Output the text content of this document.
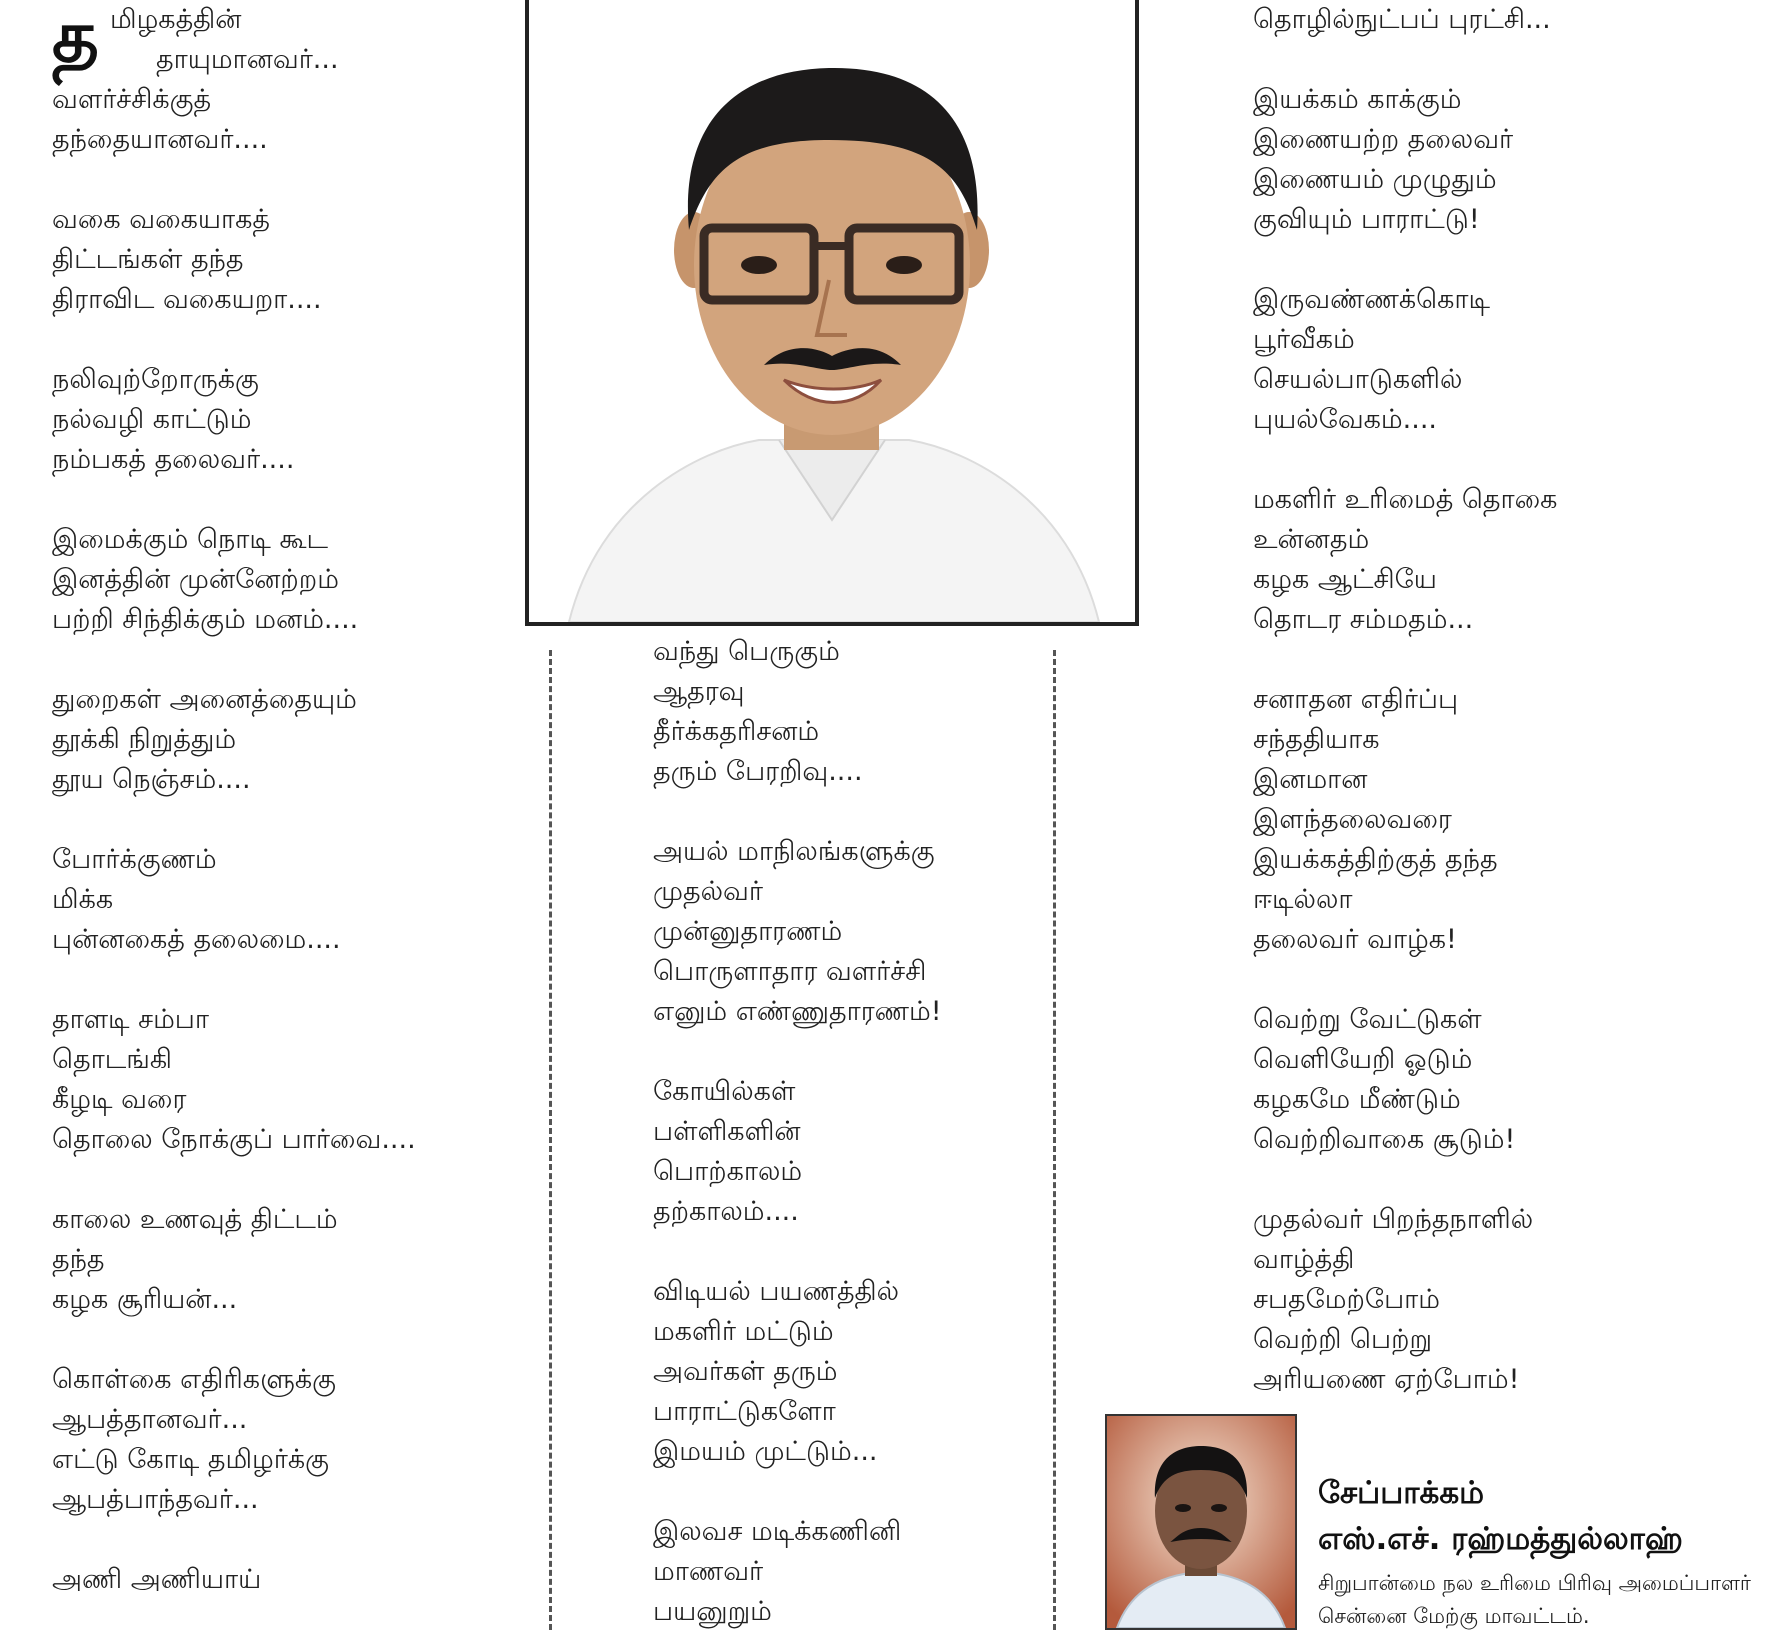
த மிழகத்தின்

தாயுமானவர்...

வளர்ச்சிக்குத்

தந்தையானவர்....

வகை வகையாகத்

திட்டங்கள் தந்த

திராவிட வகையறா....

நலிவுற்றோருக்கு

நல்வழி காட்டும்

நம்பகத் தலைவர்....

இமைக்கும் நொடி கூட

இனத்தின் முன்னேற்றம்

பற்றி சிந்திக்கும் மனம்....

துறைகள் அனைத்தையும்

தூக்கி நிறுத்தும்

தூய நெஞ்சம்....

போர்க்குணம்

மிக்க

புன்னகைத் தலைமை....

தாளடி சம்பா

தொடங்கி

கீழடி வரை

தொலை நோக்குப் பார்வை....

காலை உணவுத் திட்டம்

தந்த

கழக சூரியன்...

கொள்கை எதிரிகளுக்கு

ஆபத்தானவர்...

எட்டு கோடி தமிழர்க்கு

ஆபத்பாந்தவர்...

அணி அணியாய்

வந்து பெருகும்

ஆதரவு

தீர்க்கதரிசனம்

தரும் பேரறிவு....

அயல் மாநிலங்களுக்கு

முதல்வர்

முன்னுதாரணம்

பொருளாதார வளர்ச்சி

எனும் எண்ணுதாரணம்!

கோயில்கள்

பள்ளிகளின்

பொற்காலம்

தற்காலம்....

விடியல் பயணத்தில்

மகளிர் மட்டும்

அவர்கள் தரும்

பாராட்டுகளோ

இமயம் முட்டும்...

இலவச மடிக்கணினி

மாணவர்

பயனுறும்

தொழில்நுட்பப் புரட்சி...

இயக்கம் காக்கும்

இணையற்ற தலைவர்

இணையம் முழுதும்

குவியும் பாராட்டு!

இருவண்ணக்கொடி

பூர்வீகம்

செயல்பாடுகளில்

புயல்வேகம்....

மகளிர் உரிமைத் தொகை

உன்னதம்

கழக ஆட்சியே

தொடர சம்மதம்...

சனாதன எதிர்ப்பு

சந்ததியாக

இனமான

இளந்தலைவரை

இயக்கத்திற்குத் தந்த

ஈடில்லா

தலைவர் வாழ்க!

வெற்று வேட்டுகள்

வெளியேறி ஓடும்

கழகமே மீண்டும்

வெற்றிவாகை சூடும்!

முதல்வர் பிறந்தநாளில்

வாழ்த்தி

சபதமேற்போம்

வெற்றி பெற்று

அரியணை ஏற்போம்!

சேப்பாக்கம்

எஸ்.எச். ரஹ்மத்துல்லாஹ்

சிறுபான்மை நல உரிமை பிரிவு அமைப்பாளர்

சென்னை மேற்கு மாவட்டம்.
